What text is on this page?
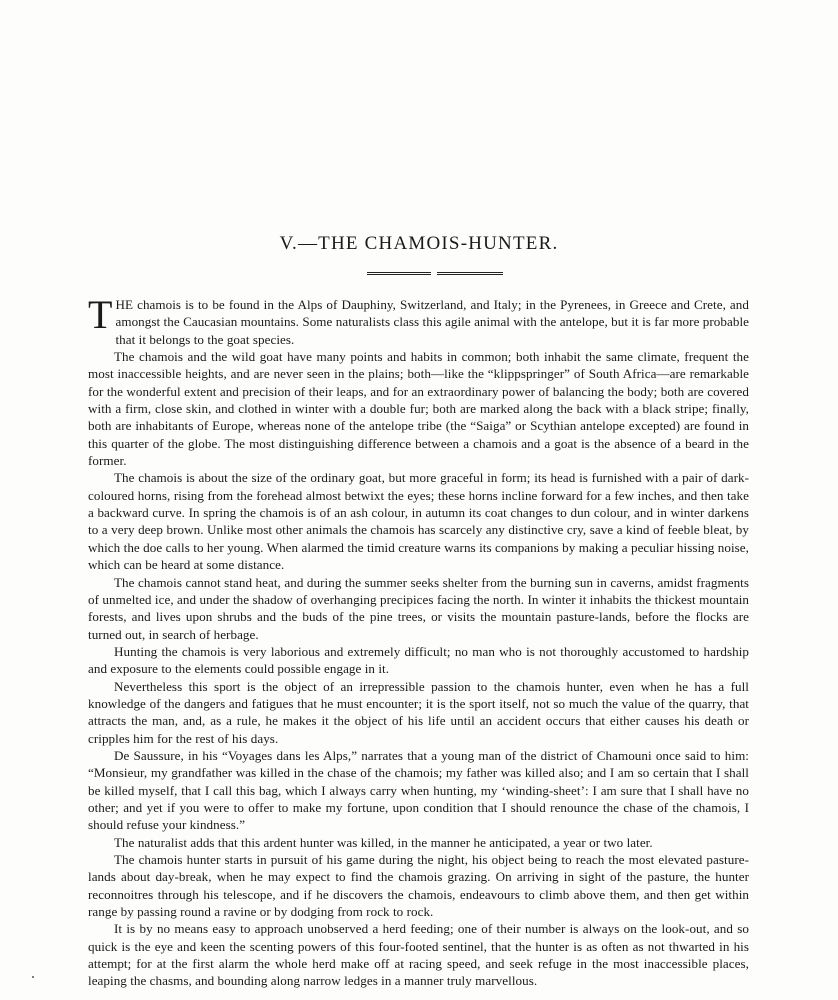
V.—THE CHAMOIS-HUNTER.

THE chamois is to be found in the Alps of Dauphiny, Switzerland, and Italy; in the Pyrenees, in Greece and Crete, and amongst the Caucasian mountains. Some naturalists class this agile animal with the antelope, but it is far more probable that it belongs to the goat species.

The chamois and the wild goat have many points and habits in common; both inhabit the same climate, frequent the most inaccessible heights, and are never seen in the plains; both—like the “klippspringer” of South Africa—are remarkable for the wonderful extent and precision of their leaps, and for an extraordinary power of balancing the body; both are covered with a firm, close skin, and clothed in winter with a double fur; both are marked along the back with a black stripe; finally, both are inhabitants of Europe, whereas none of the antelope tribe (the “Saiga” or Scythian antelope excepted) are found in this quarter of the globe. The most distinguishing difference between a chamois and a goat is the absence of a beard in the former.

The chamois is about the size of the ordinary goat, but more graceful in form; its head is furnished with a pair of dark-coloured horns, rising from the forehead almost betwixt the eyes; these horns incline forward for a few inches, and then take a backward curve. In spring the chamois is of an ash colour, in autumn its coat changes to dun colour, and in winter darkens to a very deep brown. Unlike most other animals the chamois has scarcely any distinctive cry, save a kind of feeble bleat, by which the doe calls to her young. When alarmed the timid creature warns its companions by making a peculiar hissing noise, which can be heard at some distance.

The chamois cannot stand heat, and during the summer seeks shelter from the burning sun in caverns, amidst fragments of unmelted ice, and under the shadow of overhanging precipices facing the north. In winter it inhabits the thickest mountain forests, and lives upon shrubs and the buds of the pine trees, or visits the mountain pasture-lands, before the flocks are turned out, in search of herbage.

Hunting the chamois is very laborious and extremely difficult; no man who is not thoroughly accustomed to hardship and exposure to the elements could possible engage in it.

Nevertheless this sport is the object of an irrepressible passion to the chamois hunter, even when he has a full knowledge of the dangers and fatigues that he must encounter; it is the sport itself, not so much the value of the quarry, that attracts the man, and, as a rule, he makes it the object of his life until an accident occurs that either causes his death or cripples him for the rest of his days.

De Saussure, in his “Voyages dans les Alps,” narrates that a young man of the district of Chamouni once said to him: “Monsieur, my grandfather was killed in the chase of the chamois; my father was killed also; and I am so certain that I shall be killed myself, that I call this bag, which I always carry when hunting, my ‘winding-sheet’: I am sure that I shall have no other; and yet if you were to offer to make my fortune, upon condition that I should renounce the chase of the chamois, I should refuse your kindness.”

The naturalist adds that this ardent hunter was killed, in the manner he anticipated, a year or two later.

The chamois hunter starts in pursuit of his game during the night, his object being to reach the most elevated pasture-lands about day-break, when he may expect to find the chamois grazing. On arriving in sight of the pasture, the hunter reconnoitres through his telescope, and if he discovers the chamois, endeavours to climb above them, and then get within range by passing round a ravine or by dodging from rock to rock.

It is by no means easy to approach unobserved a herd feeding; one of their number is always on the look-out, and so quick is the eye and keen the scenting powers of this four-footed sentinel, that the hunter is as often as not thwarted in his attempt; for at the first alarm the whole herd make off at racing speed, and seek refuge in the most inaccessible places, leaping the chasms, and bounding along narrow ledges in a manner truly marvellous.
